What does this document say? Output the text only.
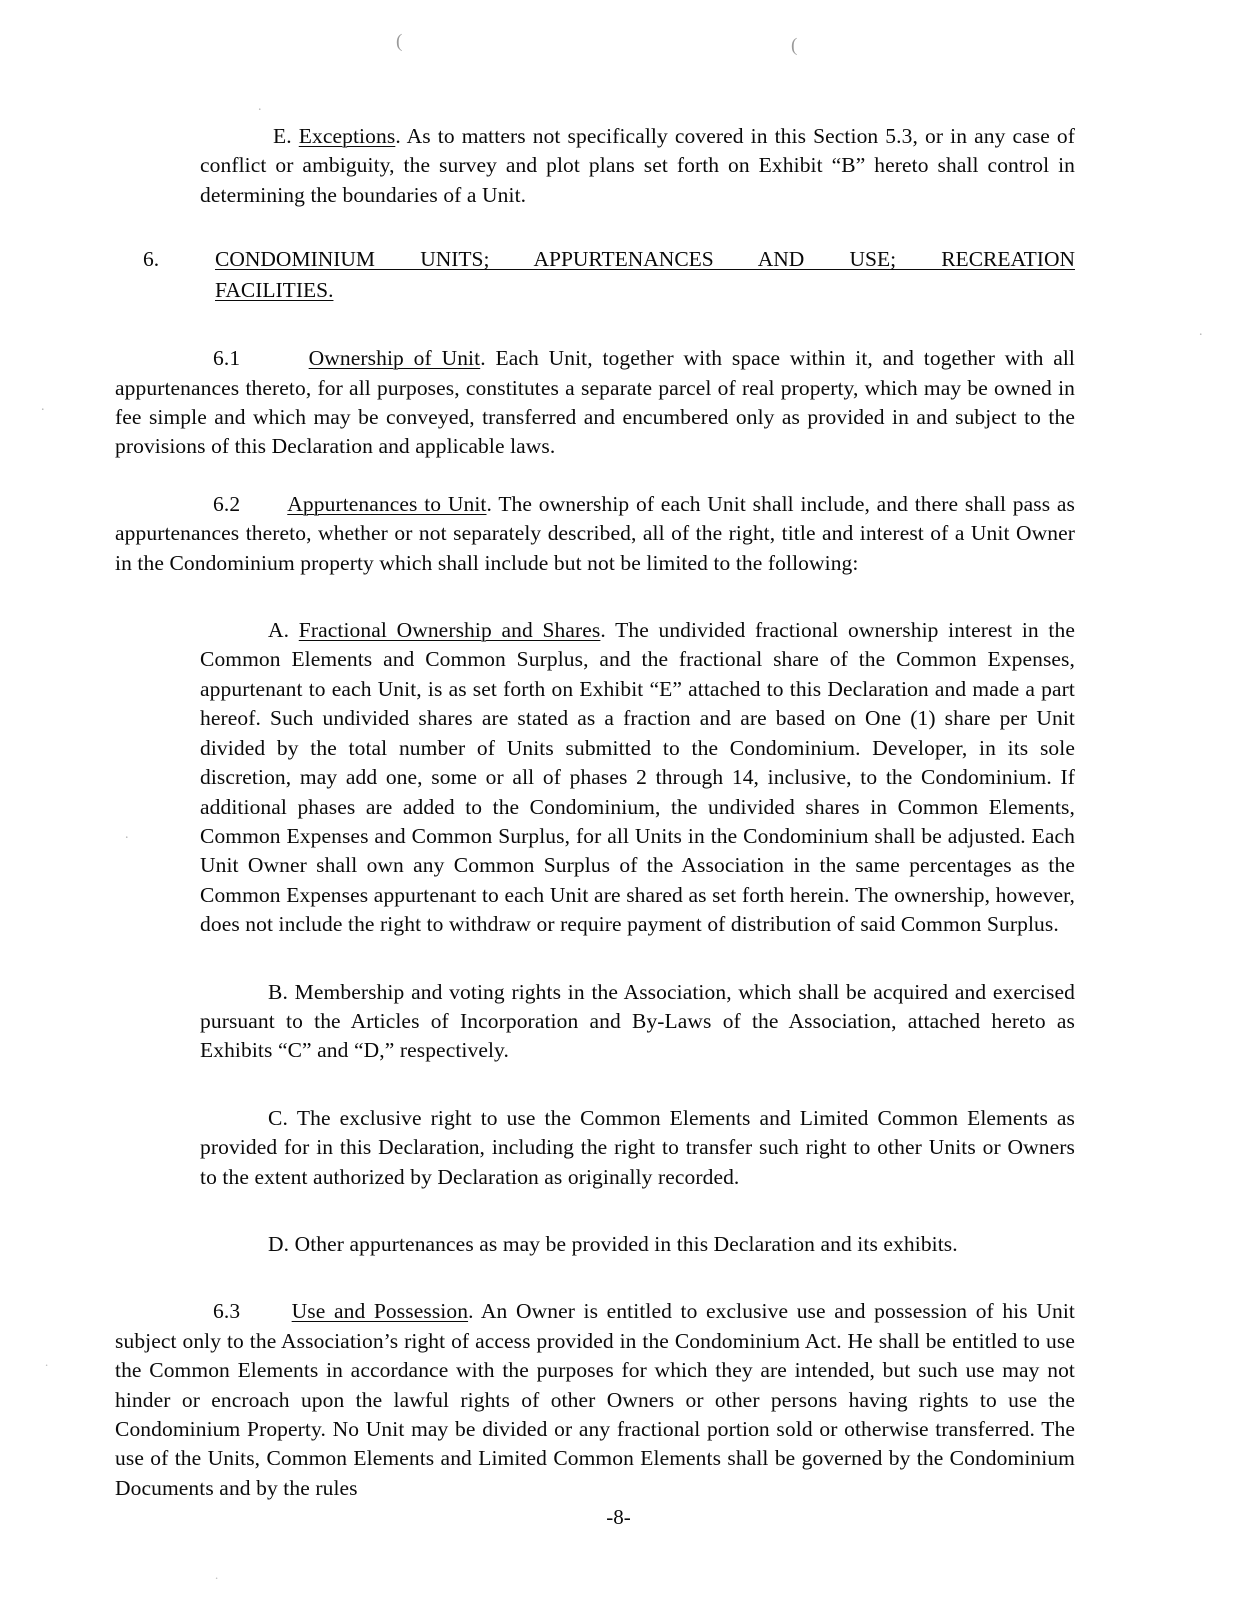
(	(
.
.
.
.
.
.

E. Exceptions. As to matters not specifically covered in this Section 5.3, or in any case of conflict or ambiguity, the survey and plot plans set forth on Exhibit “B” hereto shall control in determining the boundaries of a Unit.

6.	CONDOMINIUM UNITS; APPURTENANCES AND USE; RECREATION
FACILITIES.

6.1	Ownership of Unit. Each Unit, together with space within it, and together with all appurtenances thereto, for all purposes, constitutes a separate parcel of real property, which may be owned in fee simple and which may be conveyed, transferred and encumbered only as provided in and subject to the provisions of this Declaration and applicable laws.

6.2 Appurtenances to Unit. The ownership of each Unit shall include, and there shall pass as appurtenances thereto, whether or not separately described, all of the right, title and interest of a Unit Owner in the Condominium property which shall include but not be limited to the following:

A. Fractional Ownership and Shares. The undivided fractional ownership interest in the Common Elements and Common Surplus, and the fractional share of the Common Expenses, appurtenant to each Unit, is as set forth on Exhibit “E” attached to this Declaration and made a part hereof. Such undivided shares are stated as a fraction and are based on One (1) share per Unit divided by the total number of Units submitted to the Condominium. Developer, in its sole discretion, may add one, some or all of phases 2 through 14, inclusive, to the Condominium. If additional phases are added to the Condominium, the undivided shares in Common Elements, Common Expenses and Common Surplus, for all Units in the Condominium shall be adjusted. Each Unit Owner shall own any Common Surplus of the Association in the same percentages as the Common Expenses appurtenant to each Unit are shared as set forth herein. The ownership, however, does not include the right to withdraw or require payment of distribution of said Common Surplus.

B. Membership and voting rights in the Association, which shall be acquired and exercised pursuant to the Articles of Incorporation and By-Laws of the Association, attached hereto as Exhibits “C” and “D,” respectively.

C. The exclusive right to use the Common Elements and Limited Common Elements as provided for in this Declaration, including the right to transfer such right to other Units or Owners to the extent authorized by Declaration as originally recorded.

D. Other appurtenances as may be provided in this Declaration and its exhibits.

6.3 Use and Possession. An Owner is entitled to exclusive use and possession of his Unit subject only to the Association’s right of access provided in the Condominium Act. He shall be entitled to use the Common Elements in accordance with the purposes for which they are intended, but such use may not hinder or encroach upon the lawful rights of other Owners or other persons having rights to use the Condominium Property. No Unit may be divided or any fractional portion sold or otherwise transferred. The use of the Units, Common Elements and Limited Common Elements shall be governed by the Condominium Documents and by the rules

-8-
